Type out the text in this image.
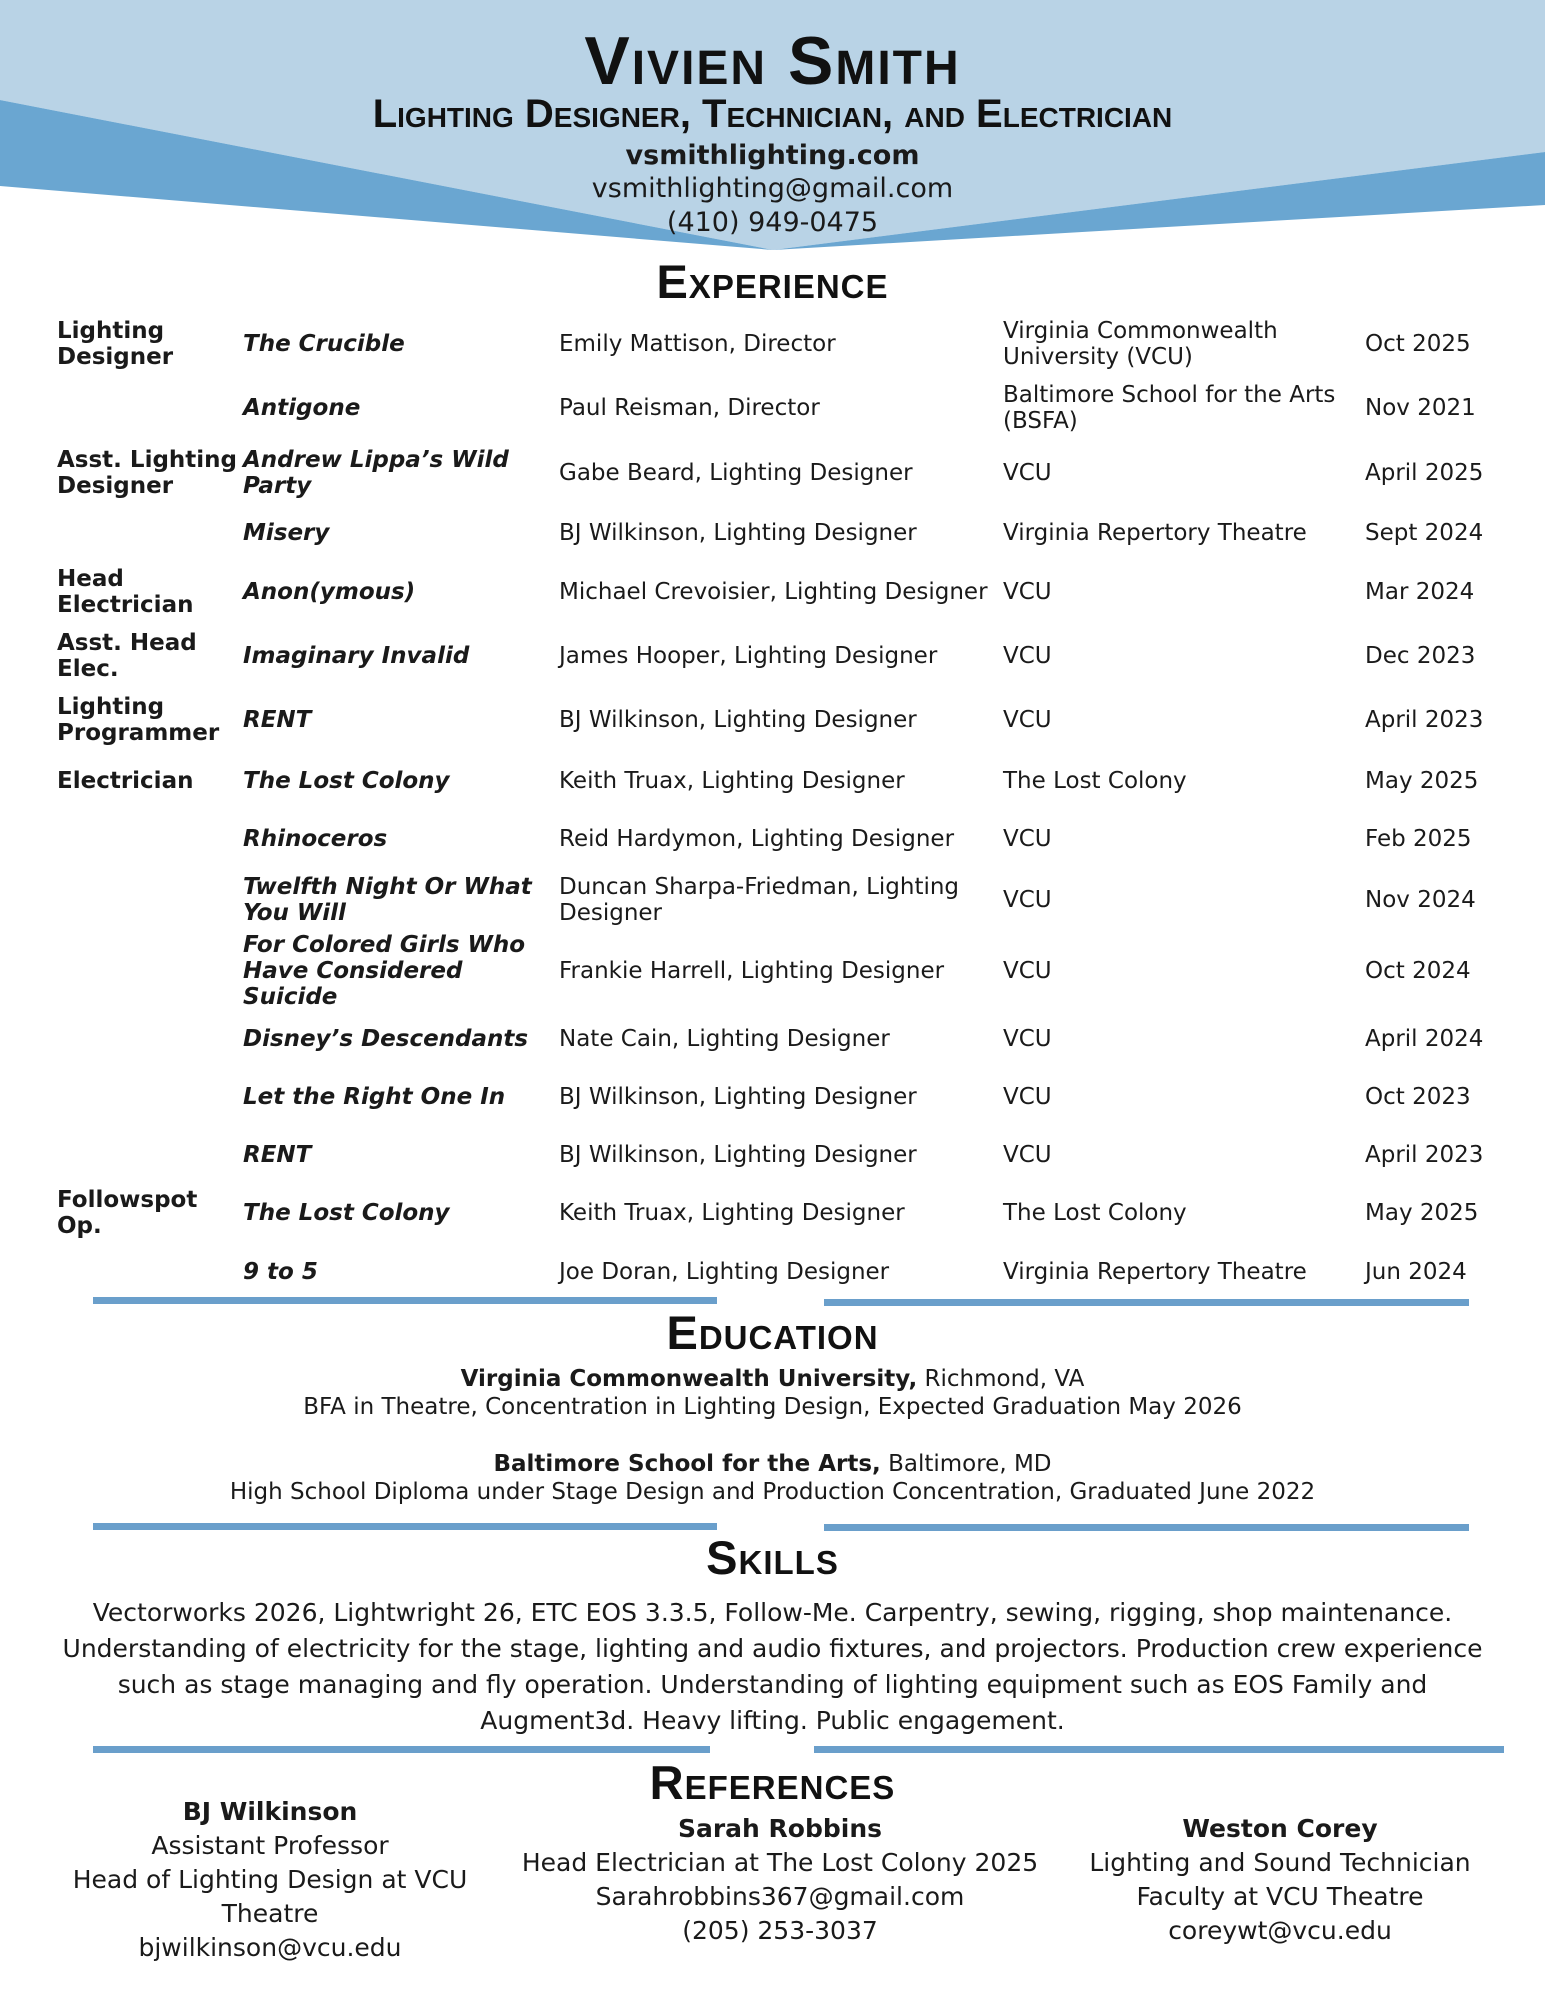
Vivien Smith
Lighting Designer, Technician, and Electrician
vsmithlighting.com
vsmithlighting@gmail.com
(410) 949-0475
Experience
Lighting Designer	The Crucible	Emily Mattison, Director	Virginia Commonwealth University (VCU)	Oct 2025
	Antigone	Paul Reisman, Director	Baltimore School for the Arts (BSFA)	Nov 2021
Asst. Lighting Designer	Andrew Lippa’s Wild Party	Gabe Beard, Lighting Designer	VCU	April 2025
	Misery	BJ Wilkinson, Lighting Designer	Virginia Repertory Theatre	Sept 2024
Head Electrician	Anon(ymous)	Michael Crevoisier, Lighting Designer	VCU	Mar 2024
Asst. Head Elec.	Imaginary Invalid	James Hooper, Lighting Designer	VCU	Dec 2023
Lighting Programmer	RENT	BJ Wilkinson, Lighting Designer	VCU	April 2023
Electrician	The Lost Colony	Keith Truax, Lighting Designer	The Lost Colony	May 2025
	Rhinoceros	Reid Hardymon, Lighting Designer	VCU	Feb 2025
	Twelfth Night Or What You Will	Duncan Sharpa-Friedman, Lighting Designer	VCU	Nov 2024
	For Colored Girls Who Have Considered Suicide	Frankie Harrell, Lighting Designer	VCU	Oct 2024
	Disney’s Descendants	Nate Cain, Lighting Designer	VCU	April 2024
	Let the Right One In	BJ Wilkinson, Lighting Designer	VCU	Oct 2023
	RENT	BJ Wilkinson, Lighting Designer	VCU	April 2023
Followspot Op.	The Lost Colony	Keith Truax, Lighting Designer	The Lost Colony	May 2025
	9 to 5	Joe Doran, Lighting Designer	Virginia Repertory Theatre	Jun 2024
Education
Virginia Commonwealth University, Richmond, VA
BFA in Theatre, Concentration in Lighting Design, Expected Graduation May 2026
Baltimore School for the Arts, Baltimore, MD
High School Diploma under Stage Design and Production Concentration, Graduated June 2022
Skills
Vectorworks 2026, Lightwright 26, ETC EOS 3.3.5, Follow-Me. Carpentry, sewing, rigging, shop maintenance. Understanding of electricity for the stage, lighting and audio fixtures, and projectors. Production crew experience such as stage managing and fly operation. Understanding of lighting equipment such as EOS Family and Augment3d. Heavy lifting. Public engagement.
References
BJ Wilkinson
Assistant Professor
Head of Lighting Design at VCU
Theatre
bjwilkinson@vcu.edu
Sarah Robbins
Head Electrician at The Lost Colony 2025
Sarahrobbins367@gmail.com
(205) 253-3037
Weston Corey
Lighting and Sound Technician
Faculty at VCU Theatre
coreywt@vcu.edu
